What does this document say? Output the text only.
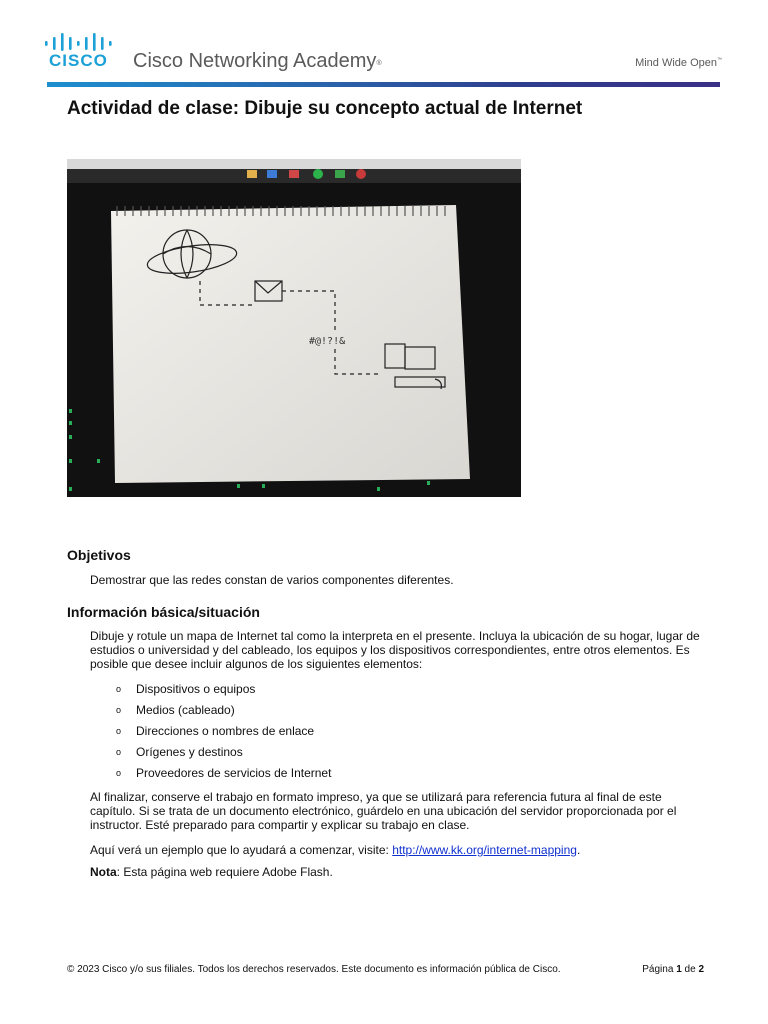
CISCO Cisco Networking Academy®	Mind Wide Open™
Actividad de clase: Dibuje su concepto actual de Internet
#@!?!&
Objetivos

Demostrar que las redes constan de varios componentes diferentes.

Información básica/situación

Dibuje y rotule un mapa de Internet tal como la interpreta en el presente. Incluya la ubicación de su hogar, lugar de estudios o universidad y del cableado, los equipos y los dispositivos correspondientes, entre otros elementos. Es posible que desee incluir algunos de los siguientes elementos:

o Dispositivos o equipos
o Medios (cableado)
o Direcciones o nombres de enlace
o Orígenes y destinos
o Proveedores de servicios de Internet

Al finalizar, conserve el trabajo en formato impreso, ya que se utilizará para referencia futura al final de este capítulo. Si se trata de un documento electrónico, guárdelo en una ubicación del servidor proporcionada por el instructor. Esté preparado para compartir y explicar su trabajo en clase.

Aquí verá un ejemplo que lo ayudará a comenzar, visite: http://www.kk.org/internet-mapping.

Nota: Esta página web requiere Adobe Flash.

© 2023 Cisco y/o sus filiales. Todos los derechos reservados. Este documento es información pública de Cisco.	Página 1 de 2
